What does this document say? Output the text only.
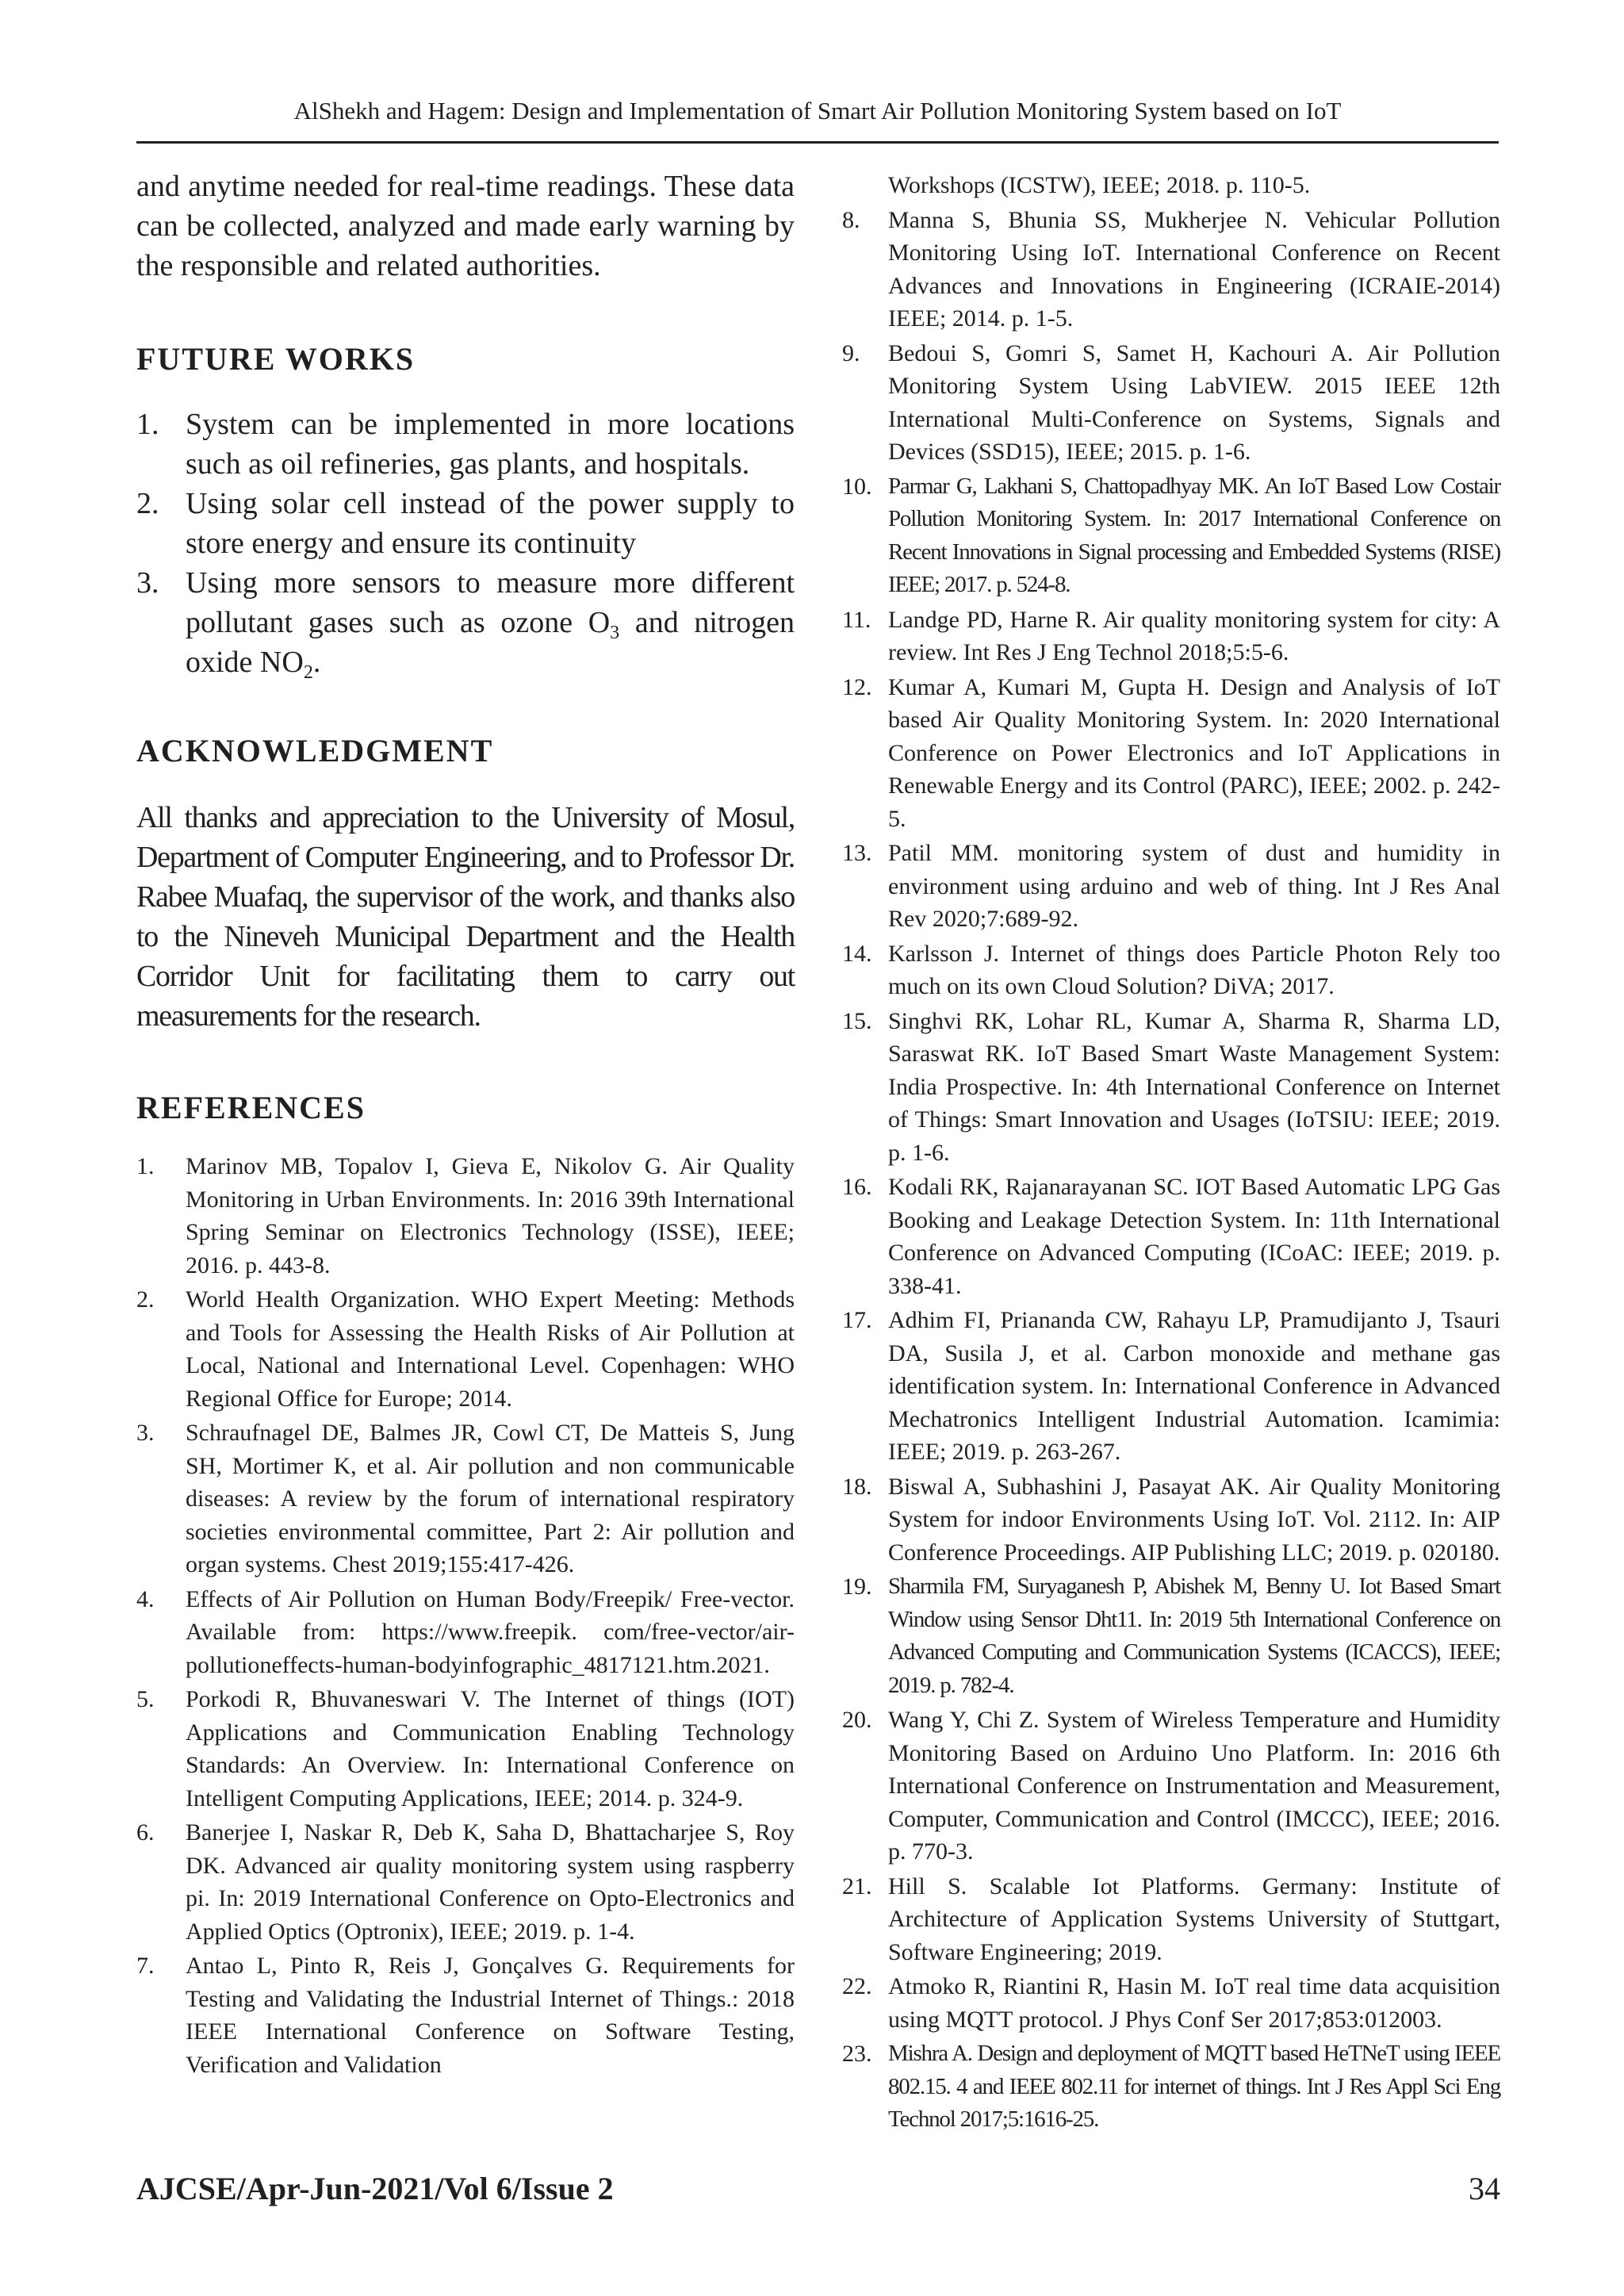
AlShekh and Hagem: Design and Implementation of Smart Air Pollution Monitoring System based on IoT

and anytime needed for real-time readings. These data can be collected, analyzed and made early warning by the responsible and related authorities.

FUTURE WORKS
1. System can be implemented in more locations such as oil refineries, gas plants, and hospitals.
2. Using solar cell instead of the power supply to store energy and ensure its continuity
3. Using more sensors to measure more different pollutant gases such as ozone $O_3$ and nitrogen oxide $NO_2$.
ACKNOWLEDGMENT

All thanks and appreciation to the University of Mosul, Department of Computer Engineering, and to Professor Dr. Rabee Muafaq, the supervisor of the work, and thanks also to the Nineveh Municipal Department and the Health Corridor Unit for facilitating them to carry out measurements for the research.

REFERENCES
1.	Marinov MB, Topalov I, Gieva E, Nikolov G. Air Quality Monitoring in Urban Environments. In: 2016 39th International Spring Seminar on Electronics Technology (ISSE), IEEE; 2016. p. 443-8.
2.	World Health Organization. WHO Expert Meeting: Methods and Tools for Assessing the Health Risks of Air Pollution at Local, National and International Level. Copenhagen: WHO Regional Office for Europe; 2014.
3.	Schraufnagel DE, Balmes JR, Cowl CT, De Matteis S, Jung SH, Mortimer K, et al. Air pollution and non communicable diseases: A review by the forum of international respiratory societies environmental committee, Part 2: Air pollution and organ systems. Chest 2019;155:417-426.
4.	Effects of Air Pollution on Human Body/Freepik/ Free-vector. Available from: https://www.freepik. com/free-vector/air-pollutioneffects-human-bodyinfographic_4817121.htm.2021.
5.	Porkodi R, Bhuvaneswari V. The Internet of things (IOT) Applications and Communication Enabling Technology Standards: An Overview. In: International Conference on Intelligent Computing Applications, IEEE; 2014. p. 324-9.
6.	Banerjee I, Naskar R, Deb K, Saha D, Bhattacharjee S, Roy DK. Advanced air quality monitoring system using raspberry pi. In: 2019 International Conference on Opto-Electronics and Applied Optics (Optronix), IEEE; 2019. p. 1-4.
7.	Antao L, Pinto R, Reis J, Gonçalves G. Requirements for Testing and Validating the Industrial Internet of Things.: 2018 IEEE International Conference on Software Testing, Verification and Validation
Workshops (ICSTW), IEEE; 2018. p. 110-5.
8.	Manna S, Bhunia SS, Mukherjee N. Vehicular Pollution Monitoring Using IoT. International Conference on Recent Advances and Innovations in Engineering (ICRAIE-2014) IEEE; 2014. p. 1-5.
9.	Bedoui S, Gomri S, Samet H, Kachouri A. Air Pollution Monitoring System Using LabVIEW. 2015 IEEE 12th International Multi-Conference on Systems, Signals and Devices (SSD15), IEEE; 2015. p. 1-6.
10. Parmar G, Lakhani S, Chattopadhyay MK. An IoT Based Low Costair Pollution Monitoring System. In: 2017 International Conference on Recent Innovations in Signal processing and Embedded Systems (RISE) IEEE; 2017. p. 524-8.
11. Landge PD, Harne R. Air quality monitoring system for city: A review. Int Res J Eng Technol 2018;5:5-6.
12. Kumar A, Kumari M, Gupta H. Design and Analysis of IoT based Air Quality Monitoring System. In: 2020 International Conference on Power Electronics and IoT Applications in Renewable Energy and its Control (PARC), IEEE; 2002. p. 242-5.
13. Patil MM. monitoring system of dust and humidity in environment using arduino and web of thing. Int J Res Anal Rev 2020;7:689-92.
14. Karlsson J. Internet of things does Particle Photon Rely too much on its own Cloud Solution? DiVA; 2017.
15. Singhvi RK, Lohar RL, Kumar A, Sharma R, Sharma LD, Saraswat RK. IoT Based Smart Waste Management System: India Prospective. In: 4th International Conference on Internet of Things: Smart Innovation and Usages (IoTSIU: IEEE; 2019. p. 1-6.
16. Kodali RK, Rajanarayanan SC. IOT Based Automatic LPG Gas Booking and Leakage Detection System. In: 11th International Conference on Advanced Computing (ICoAC: IEEE; 2019. p. 338-41.
17. Adhim FI, Priananda CW, Rahayu LP, Pramudijanto J, Tsauri DA, Susila J, et al. Carbon monoxide and methane gas identification system. In: International Conference in Advanced Mechatronics Intelligent Industrial Automation. Icamimia: IEEE; 2019. p. 263-267.
18. Biswal A, Subhashini J, Pasayat AK. Air Quality Monitoring System for indoor Environments Using IoT. Vol. 2112. In: AIP Conference Proceedings. AIP Publishing LLC; 2019. p. 020180.
19. Sharmila FM, Suryaganesh P, Abishek M, Benny U. Iot Based Smart Window using Sensor Dht11. In: 2019 5th International Conference on Advanced Computing and Communication Systems (ICACCS), IEEE; 2019. p. 782-4.
20. Wang Y, Chi Z. System of Wireless Temperature and Humidity Monitoring Based on Arduino Uno Platform. In: 2016 6th International Conference on Instrumentation and Measurement, Computer, Communication and Control (IMCCC), IEEE; 2016. p. 770-3.
21. Hill S. Scalable Iot Platforms. Germany: Institute of Architecture of Application Systems University of Stuttgart, Software Engineering; 2019.
22. Atmoko R, Riantini R, Hasin M. IoT real time data acquisition using MQTT protocol. J Phys Conf Ser 2017;853:012003.
23. Mishra A. Design and deployment of MQTT based HeTNeT using IEEE 802.15. 4 and IEEE 802.11 for internet of things. Int J Res Appl Sci Eng Technol 2017;5:1616-25.
AJCSE/Apr-Jun-2021/Vol 6/Issue 2	34
